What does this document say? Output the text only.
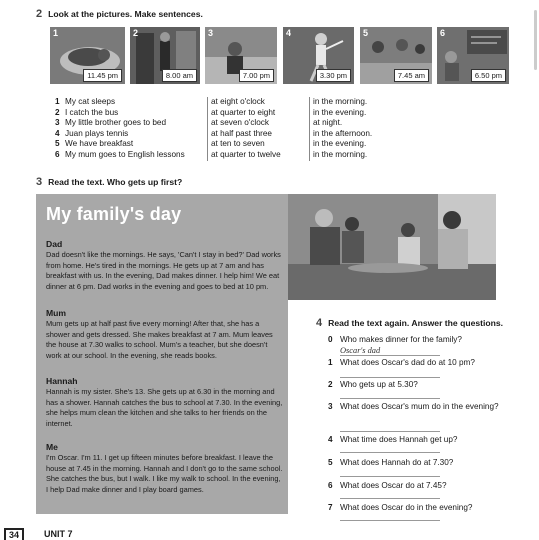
2 Look at the pictures. Make sentences.
1
11.45 pm
2
8.00 am
3
7.00 pm
4
3.30 pm
5
7.45 am
6
6.50 pm
1 My cat sleeps
2 I catch the bus
3 My little brother goes to bed
4 Juan plays tennis
5 We have breakfast
6 My mum goes to English lessons
at eight o'clock
at quarter to eight
at seven o'clock
at half past three
at ten to seven
at quarter to twelve
in the morning.
in the evening.
at night.
in the afternoon.
in the evening.
in the morning.
3 Read the text. Who gets up first?
My family's day
Dad

Dad doesn't like the mornings. He says, 'Can't I stay in bed?' Dad works from home. He's tired in the mornings. He gets up at 7 am and has breakfast with us. In the evening, Dad makes dinner. I help him! We eat dinner at 6 pm. Dad works in the evening and goes to bed at 10 pm.

Mum

Mum gets up at half past five every morning! After that, she has a shower and gets dressed. She makes breakfast at 7 am. Mum leaves the house at 7.30 walks to school. Mum's a teacher, but she doesn't work at our school. In the evening, she reads books.

Hannah

Hannah is my sister. She's 13. She gets up at 6.30 in the morning and has a shower. Hannah catches the bus to school at 7.30. In the evening, she helps mum clean the kitchen and she talks to her friends on the internet.

Me

I'm Oscar. I'm 11. I get up fifteen minutes before breakfast. I leave the house at 7.45 in the morning. Hannah and I don't go to the same school. She catches the bus, but I walk. I like my walk to school. In the evening, I help Dad make dinner and I play board games.

4 Read the text again. Answer the questions.
0 Who makes dinner for the family?
Oscar's dad
1 What does Oscar's dad do at 10 pm?
2 Who gets up at 5.30?
3 What does Oscar's mum do in the evening?
4 What time does Hannah get up?
5 What does Hannah do at 7.30?
6 What does Oscar do at 7.45?
7 What does Oscar do in the evening?
34	UNIT 7
